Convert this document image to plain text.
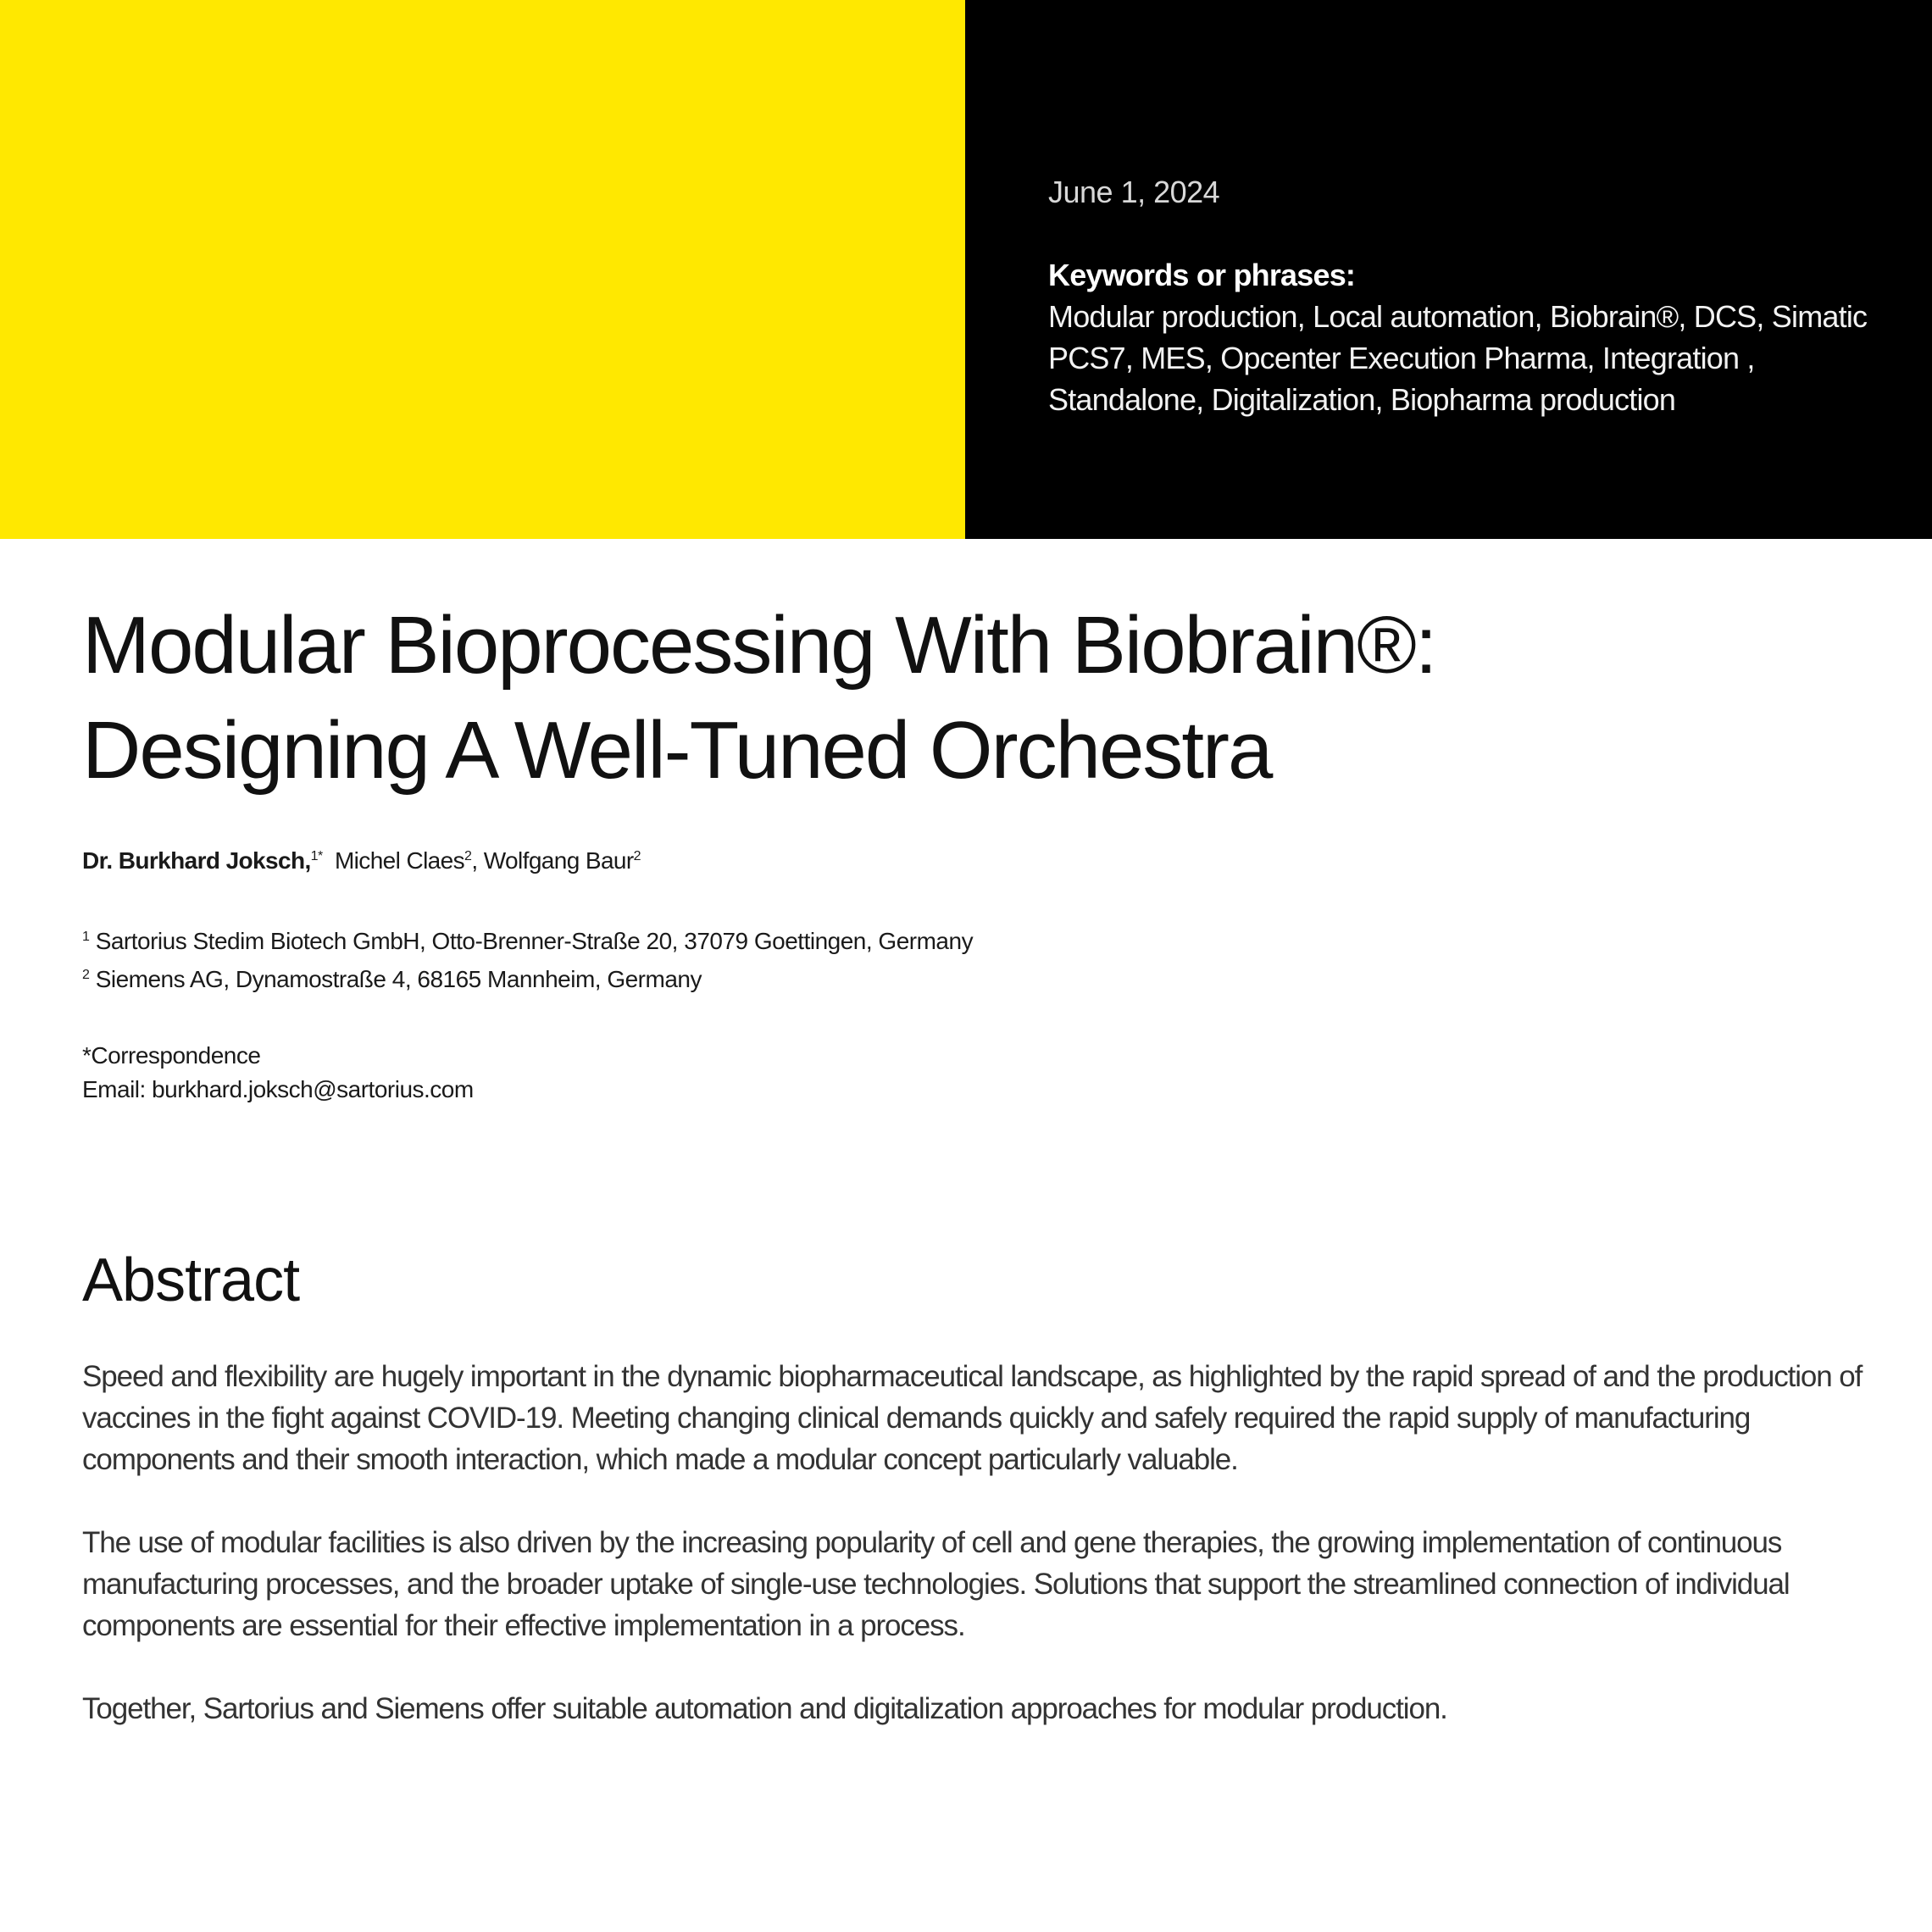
June 1, 2024
Keywords or phrases:
Modular production, Local automation, Biobrain®, DCS, Simatic PCS7, MES, Opcenter Execution Pharma, Integration , Standalone, Digitalization, Biopharma production
Modular Bioprocessing With Biobrain®:
Designing A Well-Tuned Orchestra
Dr. Burkhard Joksch,$^{1*}$ Michel Claes$^2$, Wolfgang Baur$^2$
$^1$ Sartorius Stedim Biotech GmbH, Otto-Brenner-Straße 20, 37079 Goettingen, Germany
$^2$ Siemens AG, Dynamostraße 4, 68165 Mannheim, Germany
*Correspondence
Email: burkhard.joksch@sartorius.com
Abstract

Speed and flexibility are hugely important in the dynamic biopharmaceutical landscape, as highlighted by the rapid spread of and the production of vaccines in the fight against COVID-19. Meeting changing clinical demands quickly and safely required the rapid supply of manufacturing components and their smooth interaction, which made a modular concept particularly valuable.

The use of modular facilities is also driven by the increasing popularity of cell and gene therapies, the growing implementation of continuous manufacturing processes, and the broader uptake of single-use technologies. Solutions that support the streamlined connection of individual components are essential for their effective implementation in a process.

Together, Sartorius and Siemens offer suitable automation and digitalization approaches for modular production.
